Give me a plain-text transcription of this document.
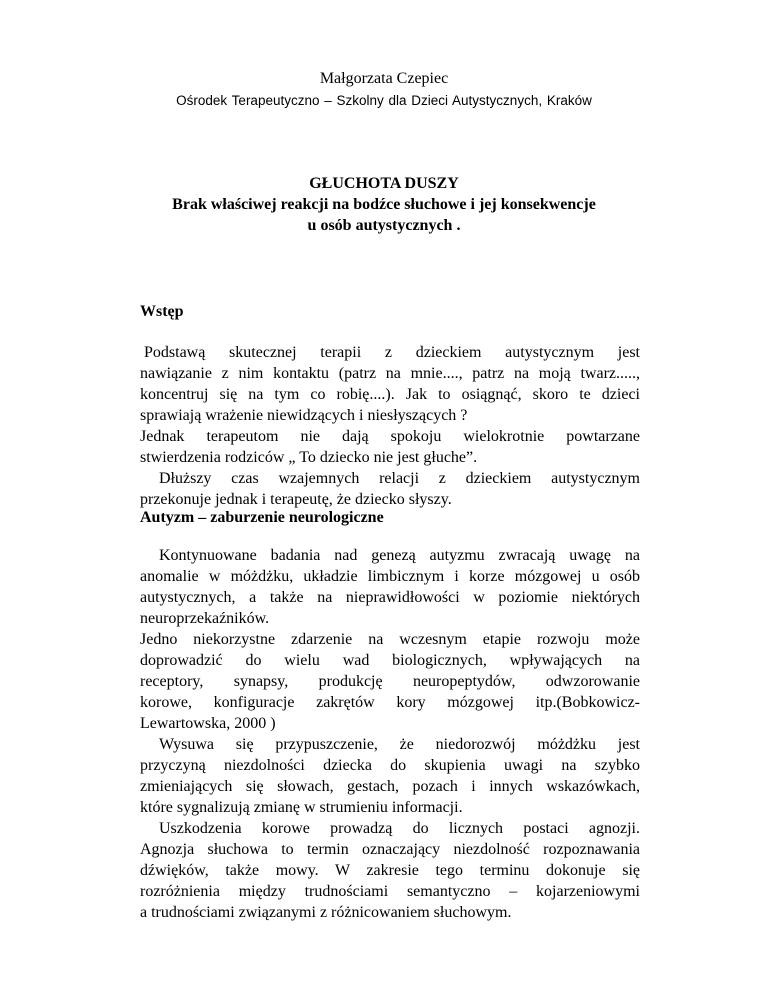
Małgorzata Czepiec
Ośrodek Terapeutyczno – Szkolny dla Dzieci Autystycznych, Kraków
GŁUCHOTA DUSZY
Brak właściwej reakcji na bodźce słuchowe i jej konsekwencje
u osób autystycznych .
Wstęp
Podstawą skutecznej terapii z dzieckiem autystycznym jest
nawiązanie z nim kontaktu (patrz na mnie...., patrz na moją twarz.....,
koncentruj się na tym co robię....). Jak to osiągnąć, skoro te dzieci
sprawiają wrażenie niewidzących i niesłyszących ?
Jednak terapeutom nie dają spokoju wielokrotnie powtarzane
stwierdzenia rodziców „ To dziecko nie jest głuche”.
Dłuższy czas wzajemnych relacji z dzieckiem autystycznym
przekonuje jednak i terapeutę, że dziecko słyszy.
Autyzm – zaburzenie neurologiczne
Kontynuowane badania nad genezą autyzmu zwracają uwagę na
anomalie w móżdżku, układzie limbicznym i korze mózgowej u osób
autystycznych, a także na nieprawidłowości w poziomie niektórych
neuroprzekaźników.
Jedno niekorzystne zdarzenie na wczesnym etapie rozwoju może
doprowadzić do wielu wad biologicznych, wpływających na
receptory, synapsy, produkcję neuropeptydów, odwzorowanie
korowe, konfiguracje zakrętów kory mózgowej itp.(Bobkowicz-
Lewartowska, 2000 )
Wysuwa się przypuszczenie, że niedorozwój móżdżku jest
przyczyną niezdolności dziecka do skupienia uwagi na szybko
zmieniających się słowach, gestach, pozach i innych wskazówkach,
które sygnalizują zmianę w strumieniu informacji.
Uszkodzenia korowe prowadzą do licznych postaci agnozji.
Agnozja słuchowa to termin oznaczający niezdolność rozpoznawania
dźwięków, także mowy. W zakresie tego terminu dokonuje się
rozróżnienia między trudnościami semantyczno – kojarzeniowymi
a trudnościami związanymi z różnicowaniem słuchowym.
